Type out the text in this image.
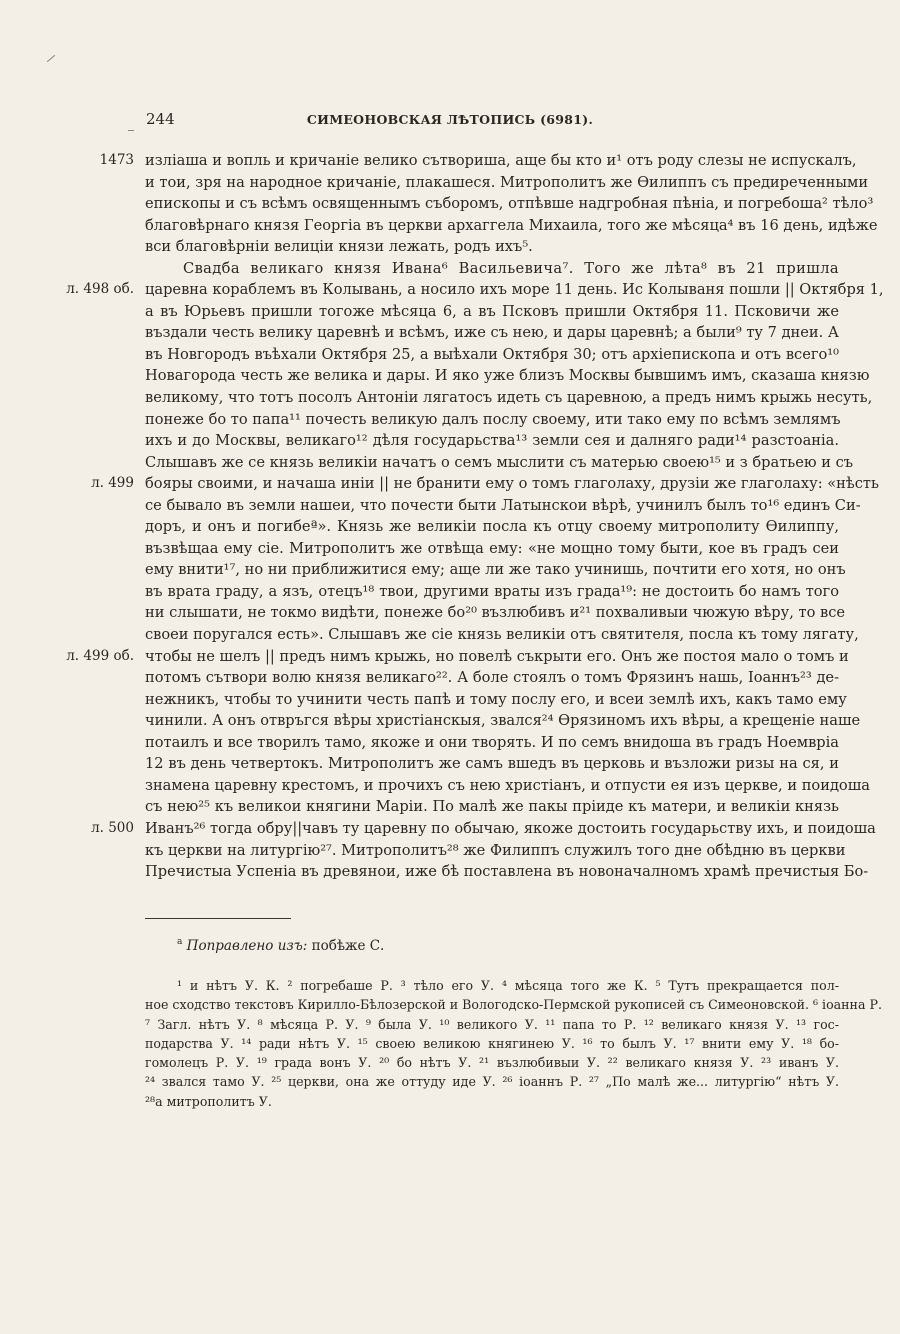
244	СИМЕОНОВСКАЯ ЛѢТОПИСЬ (6981).
1473 изліаша и вопль и кричаніе велико сътвориша, аще бы кто и¹ отъ роду слезы не испускалъ,
и тои, зря на народное кричаніе, плакашеся. Митрополитъ же Ѳилиппъ съ предиреченными
епископы и съ всѣмъ освященнымъ съборомъ, отпѣвше надгробная пѣніа, и погребоша² тѣло³
благовѣрнаго князя Георгіа въ церкви архаггела Михаила, того же мѣсяца⁴ въ 16 день, идѣже
вси благовѣрніи велицiи князи лежать, родъ ихъ⁵.
Свадба великаго князя Ивана⁶ Васильевича⁷. Того же лѣта⁸ въ 21 пришла
л. 498 об. царевна кораблемъ въ Колывань, а носило ихъ море 11 день. Ис Колываня пошли || Октября 1,
а въ Юрьевъ пришли тогоже мѣсяца 6, а въ Псковъ пришли Октября 11. Псковичи же
въздали честь велику царевнѣ и всѣмъ, иже съ нею, и дары царевнѣ; а были⁹ ту 7 днеи. А
въ Новгородъ въѣхали Октября 25, а выѣхали Октября 30; отъ архіепископа и отъ всего¹⁰
Новагорода честь же велика и дары. И яко уже близъ Москвы бывшимъ имъ, сказаша князю
великому, что тотъ посолъ Антоніи лягатосъ идеть съ царевною, а предъ нимъ крыжь несуть,
понеже бо то папа¹¹ почесть великую далъ послу своему, ити тако ему по всѣмъ землямъ
ихъ и до Москвы, великаго¹² дѣля государьства¹³ земли сея и далняго ради¹⁴ разстоаніа.
Слышавъ же се князь великіи начатъ о семъ мыслити съ матерью своею¹⁵ и з братьею и съ
л. 499 бояры своими, и начаша иніи || не бранити ему о томъ глаголаху, друзіи же глаголаху: «нѣсть
се бывало въ земли нашеи, что почести быти Латынскои вѣрѣ, учинилъ былъ то¹⁶ единъ Си-
доръ, и онъ и погибеª». Князь же великіи посла къ отцу своему митрополиту Ѳилиппу,
възвѣщаа ему сіе. Митрополитъ же отвѣща ему: «не мощно тому быти, кое въ градъ сеи
ему внити¹⁷, но ни приближитися ему; аще ли же тако учинишь, почтити его хотя, но онъ
въ врата граду, а язъ, отецъ¹⁸ твои, другими враты изъ града¹⁹: не достоить бо намъ того
ни слышати, не токмо видѣти, понеже бо²⁰ възлюбивъ и²¹ похваливыи чюжую вѣру, то все
своеи поругался есть». Слышавъ же сіе князь великіи отъ святителя, посла къ тому лягату,
л. 499 об. чтобы не шелъ || предъ нимъ крыжь, но повелѣ съкрыти его. Онъ же постоя мало о томъ и
потомъ сътвори волю князя великаго²². А боле стоялъ о томъ Фрязинъ нашь, Іоаннъ²³ де-
нежникъ, чтобы то учинити честь папѣ и тому послу его, и всеи землѣ ихъ, какъ тамо ему
чинили. А онъ отвръгся вѣры христіанскыя, звался²⁴ Ѳрязиномъ ихъ вѣры, а крещеніе наше
потаилъ и все творилъ тамо, якоже и они творять. И по семъ внидоша въ градъ Ноемвріа
12 въ день четвертокъ. Митрополитъ же самъ вшедъ въ церковь и възложи ризы на ся, и
знамена царевну крестомъ, и прочихъ съ нею христіанъ, и отпусти ея изъ церкве, и поидоша
съ нею²⁵ къ великои княгини Маріи. По малѣ же пакы пріиде къ матери, и великіи князь
л. 500 Иванъ²⁶ тогда обру||чавъ ту царевну по обычаю, якоже достоить государьству ихъ, и поидоша
къ церкви на литургію²⁷. Митрополитъ²⁸ же Филиппъ служилъ того дне обѣдню въ церкви
Пречистыа Успеніа въ древянои, иже бѣ поставлена въ новоначалномъ храмѣ пречистыя Бо-
$^а$ Поправлено изъ: побѣже С.
¹ и нѣтъ У. К. ² погребаше Р. ³ тѣло его У. ⁴ мѣсяца того же К. ⁵ Тутъ прекращается пол-
ное сходство текстовъ Кирилло-Бѣлозерской и Вологодско-Пермской рукописей съ Симеоновской. ⁶ іоанна Р.
⁷ Загл. нѣтъ У. ⁸ мѣсяца Р. У. ⁹ была У. ¹⁰ великого У. ¹¹ папа то Р. ¹² великаго князя У. ¹³ гос-
подарства У. ¹⁴ ради нѣтъ У. ¹⁵ своею великою княгинею У. ¹⁶ то былъ У. ¹⁷ внити ему У. ¹⁸ бо-
гомолецъ Р. У. ¹⁹ града вонъ У. ²⁰ бо нѣтъ У. ²¹ възлюбивыи У. ²² великаго князя У. ²³ иванъ У.
²⁴ звался тамо У. ²⁵ церкви, она же оттуду иде У. ²⁶ іоаннъ Р. ²⁷ „По малѣ же... литургію“ нѣтъ У.
²⁸а митрополитъ У.
